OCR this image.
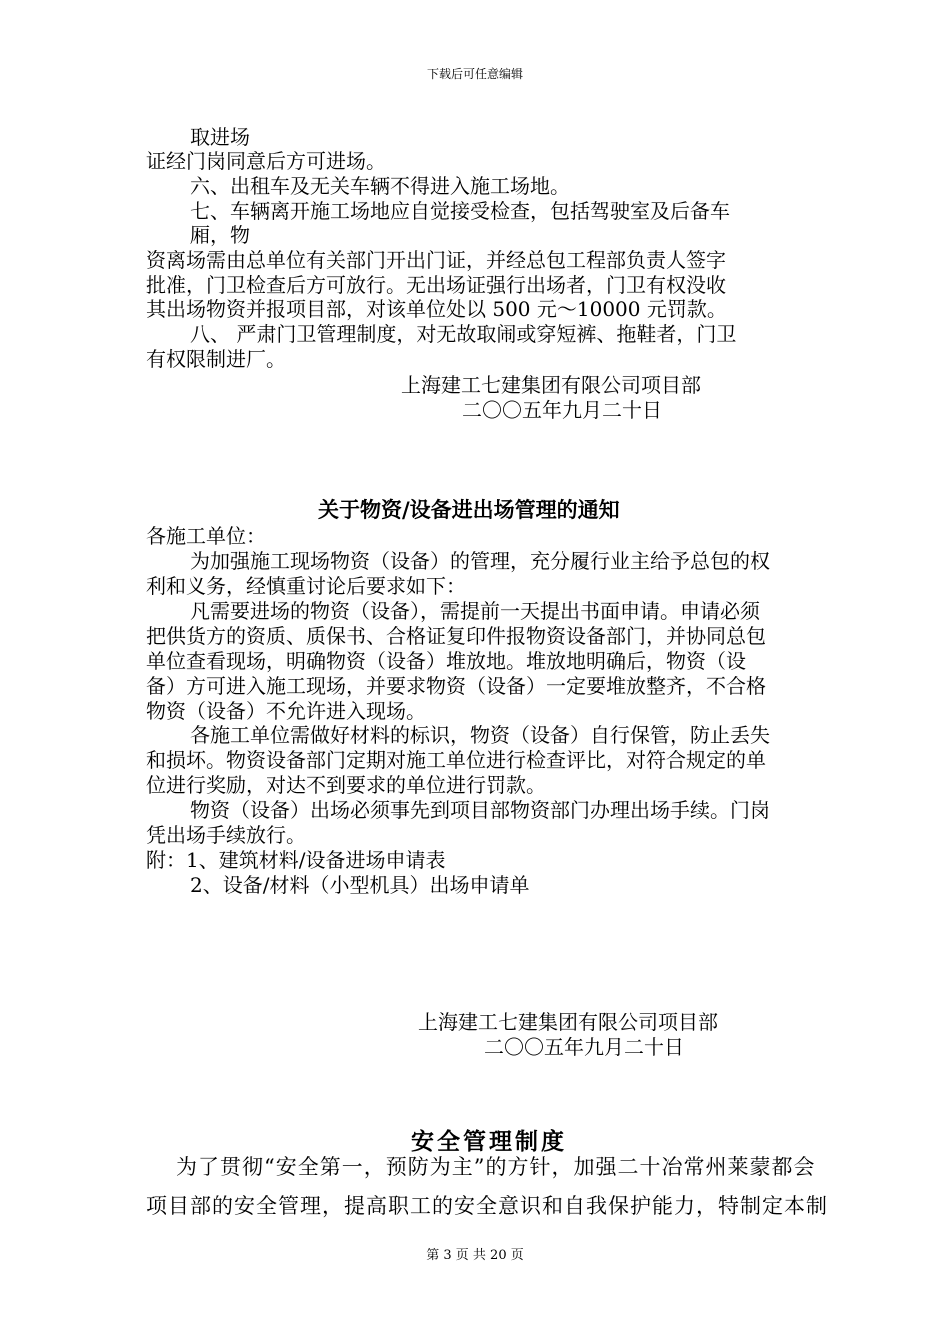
下载后可任意编辑
取进场
证经门岗同意后方可进场。
六、出租车及无关车辆不得进入施工场地。
七、车辆离开施工场地应自觉接受检查，包括驾驶室及后备车
厢，物
资离场需由总单位有关部门开出门证，并经总包工程部负责人签字
批准，门卫检查后方可放行。无出场证强行出场者，门卫有权没收
其出场物资并报项目部，对该单位处以 500 元～10000 元罚款。
八、 严肃门卫管理制度，对无故取闹或穿短裤、拖鞋者，门卫
有权限制进厂。
上海建工七建集团有限公司项目部
二〇〇五年九月二十日
关于物资/设备进出场管理的通知
各施工单位：
为加强施工现场物资（设备）的管理，充分履行业主给予总包的权
利和义务，经慎重讨论后要求如下：
凡需要进场的物资（设备），需提前一天提出书面申请。申请必须
把供货方的资质、质保书、合格证复印件报物资设备部门，并协同总包
单位查看现场，明确物资（设备）堆放地。堆放地明确后，物资（设
备）方可进入施工现场，并要求物资（设备）一定要堆放整齐，不合格
物资（设备）不允许进入现场。
各施工单位需做好材料的标识，物资（设备）自行保管，防止丢失
和损坏。物资设备部门定期对施工单位进行检查评比，对符合规定的单
位进行奖励，对达不到要求的单位进行罚款。
物资（设备）出场必须事先到项目部物资部门办理出场手续。门岗
凭出场手续放行。
附：1、建筑材料/设备进场申请表
2、设备/材料（小型机具）出场申请单
上海建工七建集团有限公司项目部
二〇〇五年九月二十日
安全管理制度
为了贯彻“安全第一，预防为主”的方针，加强二十冶常州莱蒙都会
项目部的安全管理，提高职工的安全意识和自我保护能力，特制定本制
第 3 页 共 20 页
